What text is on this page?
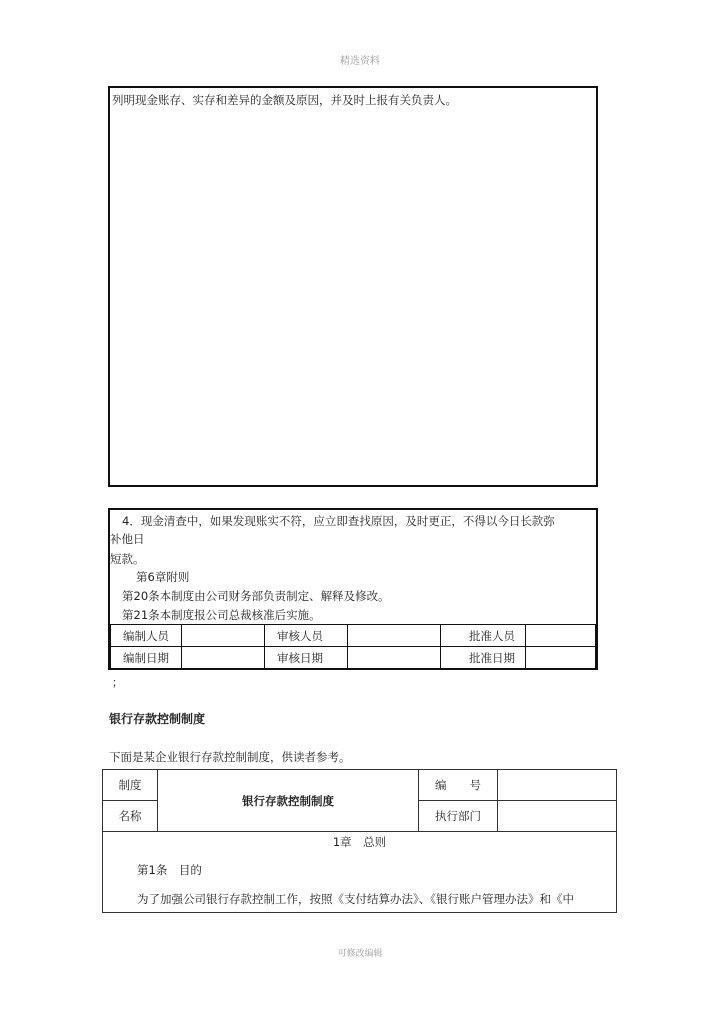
精选资料
列明现金账存、实存和差异的金额及原因，并及时上报有关负责人。
4．现金清查中，如果发现账实不符，应立即查找原因，及时更正，不得以今日长款弥
补他日
短款。
第6章附则
第20条本制度由公司财务部负责制定、解释及修改。
第21条本制度报公司总裁核准后实施。
编制人员		审核人员		批准人员	
编制日期		审核日期		批准日期	
；
银行存款控制制度
下面是某企业银行存款控制制度，供读者参考。
制度	银行存款控制制度	编　　号	
名称		执行部门	
1章　总则
第1条　目的
为了加强公司银行存款控制工作，按照《支付结算办法》、《银行账户管理办法》和《中
可修改编辑
